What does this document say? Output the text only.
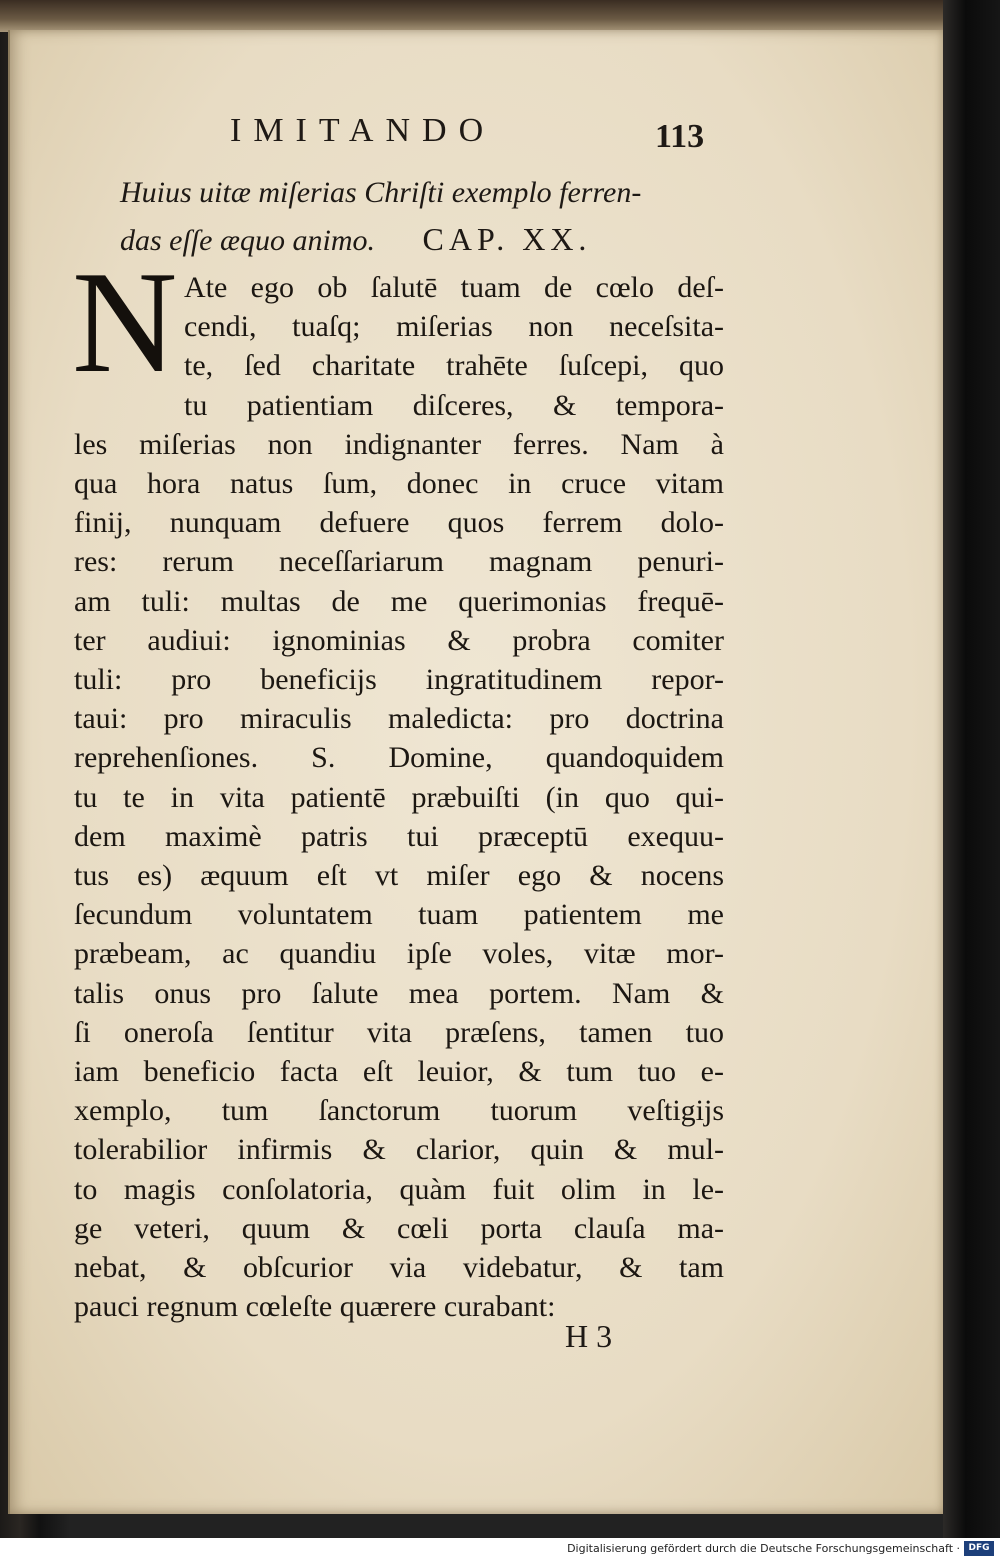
IMITANDO	113
Huius uitæ miſerias Chriſti exemplo ferren-
das eſſe æquo animo. CAP. XX.
N Ate ego ob ſalutē tuam de cœlo deſ-
cendi, tuaſq; miſerias non neceſsita-
te, ſed charitate trahēte ſuſcepi, quo
tu patientiam diſceres, & tempora-
les miſerias non indignanter ferres. Nam à
qua hora natus ſum, donec in cruce vitam
finij, nunquam defuere quos ferrem dolo-
res: rerum neceſſariarum magnam penuri-
am tuli: multas de me querimonias frequē-
ter audiui: ignominias & probra comiter
tuli: pro beneficijs ingratitudinem repor-
taui: pro miraculis maledicta: pro doctrina
reprehenſiones. S. Domine, quandoquidem
tu te in vita patientē præbuiſti (in quo qui-
dem maximè patris tui præceptū exequu-
tus es) æquum eſt vt miſer ego & nocens
ſecundum voluntatem tuam patientem me
præbeam, ac quandiu ipſe voles, vitæ mor-
talis onus pro ſalute mea portem. Nam &
ſi oneroſa ſentitur vita præſens, tamen tuo
iam beneficio facta eſt leuior, & tum tuo e-
xemplo, tum ſanctorum tuorum veſtigijs
tolerabilior infirmis & clarior, quin & mul-
to magis conſolatoria, quàm fuit olim in le-
ge veteri, quum & cœli porta clauſa ma-
nebat, & obſcurior via videbatur, & tam
pauci regnum cœleſte quærere curabant:
H 3
Digitalisierung gefördert durch die Deutsche Forschungsgemeinschaft · DFG
